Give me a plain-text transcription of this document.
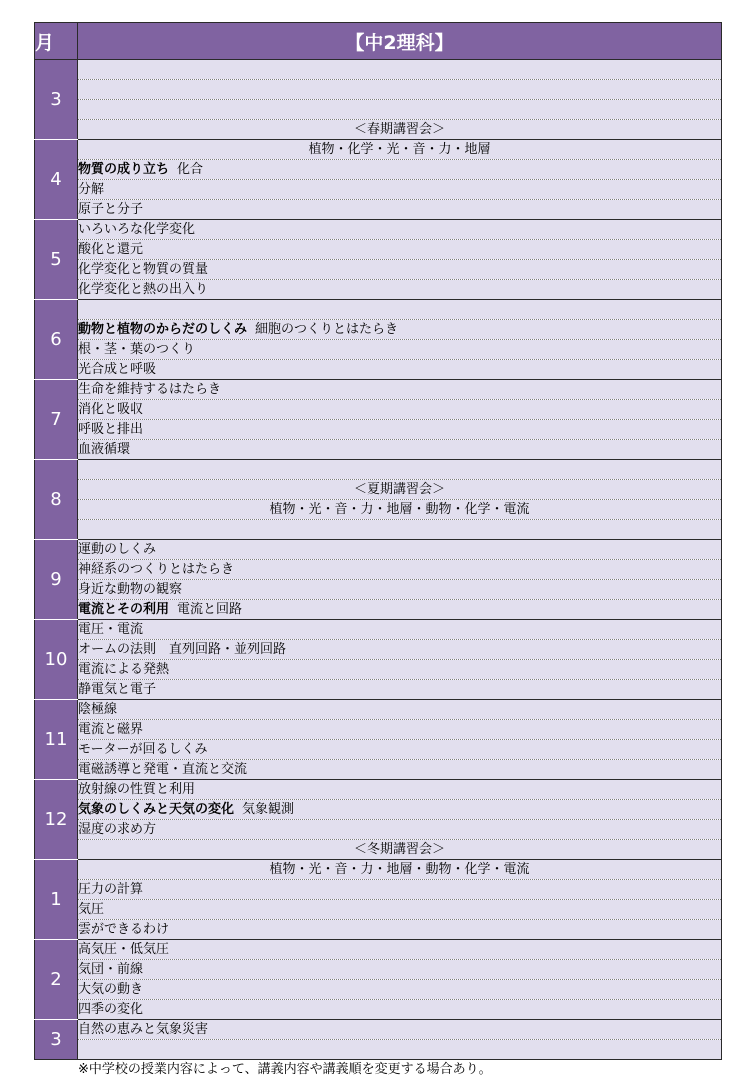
月	【中2理科】
3	

	＜春期講習会＞
4	植物・化学・光・音・力・地層
	物質の成り立ち 化合
	分解
	原子と分子
5	いろいろな化学変化
	酸化と還元
	化学変化と物質の質量
	化学変化と熱の出入り
6	
	動物と植物のからだのしくみ 細胞のつくりとはたらき
	根・茎・葉のつくり
	光合成と呼吸
7	生命を維持するはたらき
	消化と吸収
	呼吸と排出
	血液循環
8	
	＜夏期講習会＞
	植物・光・音・力・地層・動物・化学・電流

9	運動のしくみ
	神経系のつくりとはたらき
	身近な動物の観察
	電流とその利用 電流と回路
10	電圧・電流
	オームの法則　直列回路・並列回路
	電流による発熱
	静電気と電子
11	陰極線
	電流と磁界
	モーターが回るしくみ
	電磁誘導と発電・直流と交流
12	放射線の性質と利用
	気象のしくみと天気の変化 気象観測
	湿度の求め方
	＜冬期講習会＞
1	植物・光・音・力・地層・動物・化学・電流
	圧力の計算
	気圧
	雲ができるわけ
2	高気圧・低気圧
	気団・前線
	大気の動き
	四季の変化
3	自然の恵みと気象災害

※中学校の授業内容によって、講義内容や講義順を変更する場合あり。
